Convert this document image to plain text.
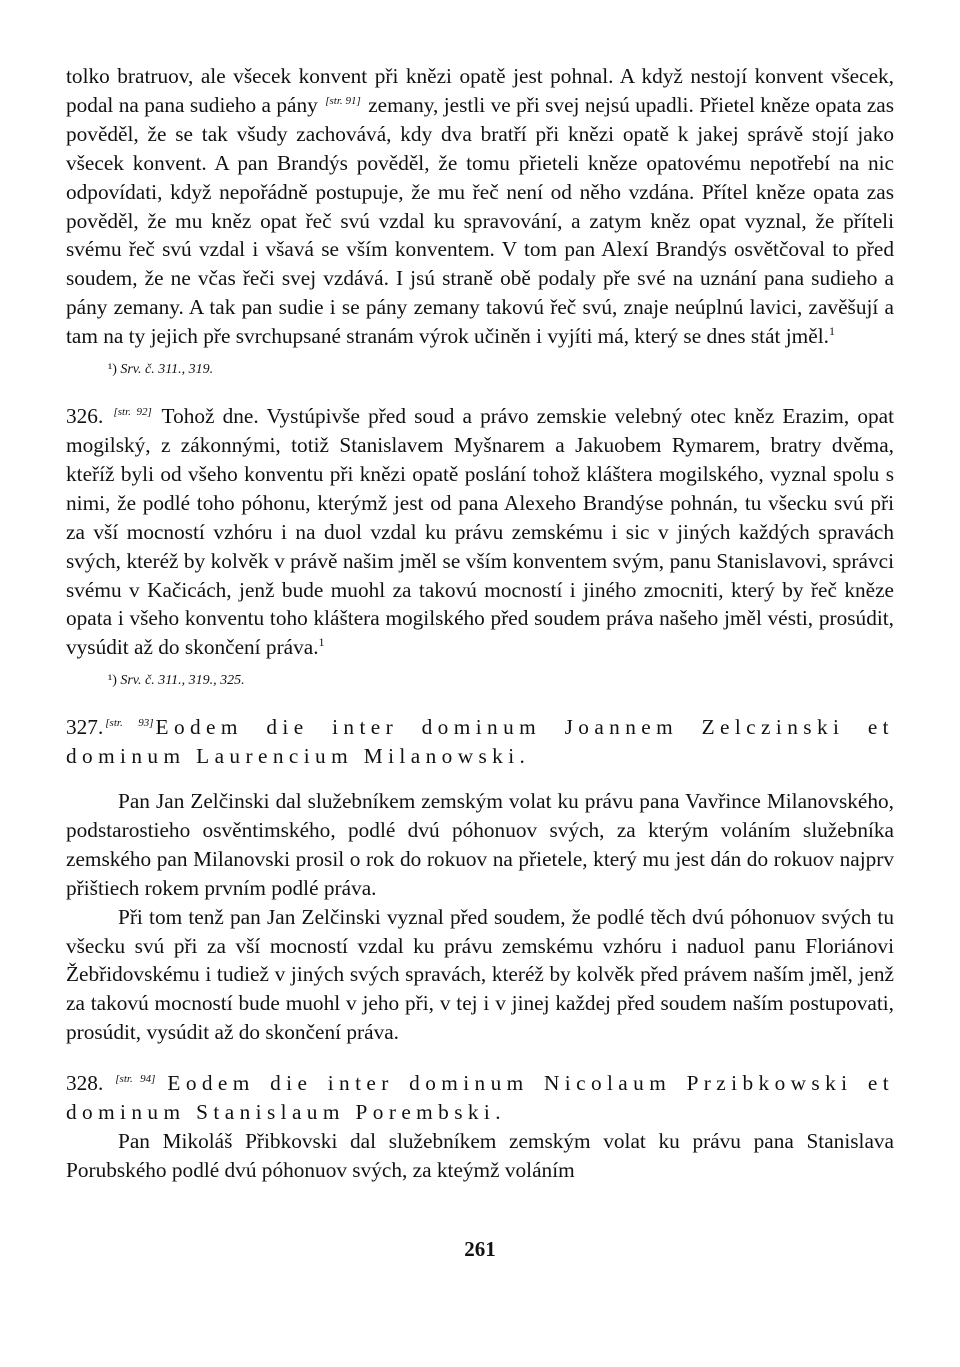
tolko bratruov, ale všecek konvent při knězi opatě jest pohnal. A když nestojí konvent všecek, podal na pana sudieho a pány [str. 91] zemany, jestli ve při svej nejsú upadli. Přietel kněze opata zas pověděl, že se tak všudy zachovává, kdy dva bratří při knězi opatě k jakej správě stojí jako všecek konvent. A pan Brandýs pověděl, že tomu přieteli kněze opatovému nepotřebí na nic odpovídati, když nepořádně postupuje, že mu řeč není od něho vzdána. Přítel kněze opata zas pověděl, že mu kněz opat řeč svú vzdal ku spravování, a zatym kněz opat vyznal, že příteli svému řeč svú vzdal i všavá se vším konventem. V tom pan Alexí Brandýs osvětčoval to před soudem, že ne včas řeči svej vzdává. I jsú straně obě podaly pře své na uznání pana sudieho a pány zemany. A tak pan sudie i se pány zemany takovú řeč svú, znaje neúplnú lavici, zavěšují a tam na ty jejich pře svrchupsané stranám výrok učiněn i vyjíti má, který se dnes stát jměl.$^1$

¹) Srv. č. 311., 319.

326. [str. 92] Tohož dne. Vystúpivše před soud a právo zemskie velebný otec kněz Erazim, opat mogilský, z zákonnými, totiž Stanislavem Myšnarem a Jakuobem Rymarem, bratry dvěma, kteříž byli od všeho konventu při knězi opatě poslání tohož kláštera mogilského, vyznal spolu s nimi, že podlé toho póhonu, kterýmž jest od pana Alexeho Brandýse pohnán, tu všecku svú při za vší mocností vzhóru i na duol vzdal ku právu zemskému i sic v jiných každých spravách svých, kteréž by kolvěk v právě našim jměl se vším konventem svým, panu Stanislavovi, správci svému v Kačicách, jenž bude muohl za takovú mocností i jiného zmocniti, který by řeč kněze opata i všeho konventu toho kláštera mogilského před soudem práva našeho jměl vésti, prosúdit, vysúdit až do skončení práva.$^1$

¹) Srv. č. 311., 319., 325.

327. [str. 93]Eodem die inter dominum Joannem Zelczinski et dominum Laurencium Milanowski.

Pan Jan Zelčinski dal služebníkem zemským volat ku právu pana Vavřince Milanovského, podstarostieho osvěntimského, podlé dvú póhonuov svých, za kterým voláním služebníka zemského pan Milanovski prosil o rok do rokuov na přietele, který mu jest dán do rokuov najprv přištiech rokem prvním podlé práva.

Při tom tenž pan Jan Zelčinski vyznal před soudem, že podlé těch dvú póhonuov svých tu všecku svú při za vší mocností vzdal ku právu zemskému vzhóru i naduol panu Floriánovi Žebřidovskému i tudiež v jiných svých spravách, kteréž by kolvěk před právem naším jměl, jenž za takovú mocností bude muohl v jeho při, v tej i v jinej každej před soudem naším postupovati, prosúdit, vysúdit až do skončení práva.

328. [str. 94] Eodem die inter dominum Nicolaum Przibkowski et dominum Stanislaum Porembski.

Pan Mikoláš Přibkovski dal služebníkem zemským volat ku právu pana Stanislava Porubského podlé dvú póhonuov svých, za kteýmž voláním

261
